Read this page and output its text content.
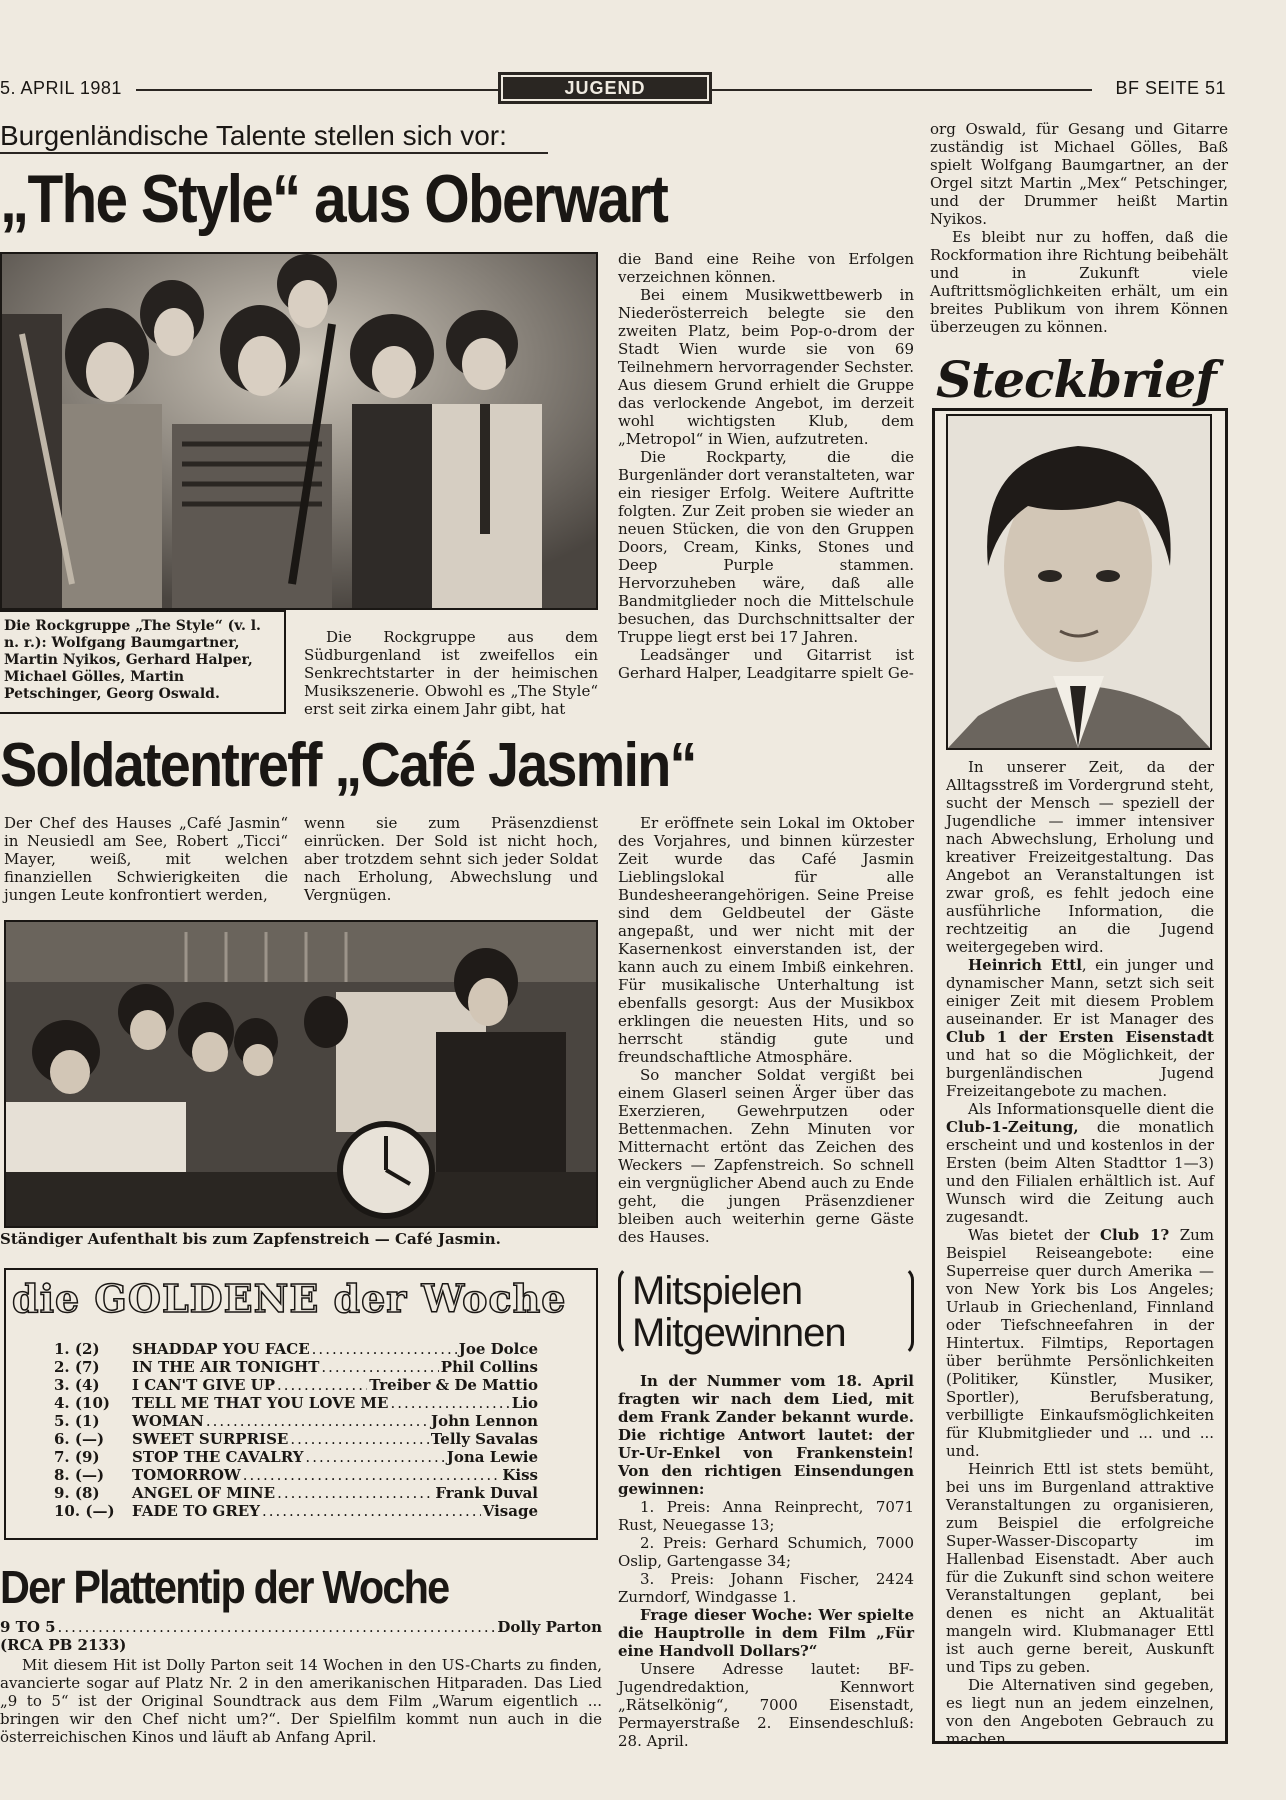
5. APRIL 1981	JUGEND	BF SEITE 51
Burgenländische Talente stellen sich vor:
„The Style“ aus Oberwart
Die Rockgruppe „The Style“ (v. l. n. r.): Wolfgang Baumgartner, Martin Nyikos, Gerhard Halper, Michael Gölles, Martin Petschinger, Georg Oswald.

Die Rockgruppe aus dem Südburgenland ist zweifellos ein Senkrechtstarter in der heimischen Musikszenerie. Obwohl es „The Style“ erst seit zirka einem Jahr gibt, hat

die Band eine Reihe von Erfolgen verzeichnen können.

Bei einem Musikwettbewerb in Niederösterreich belegte sie den zweiten Platz, beim Pop-o-drom der Stadt Wien wurde sie von 69 Teilnehmern hervorragender Sechster. Aus diesem Grund erhielt die Gruppe das verlockende Angebot, im derzeit wohl wichtigsten Klub, dem „Metropol“ in Wien, aufzutreten.

Die Rockparty, die die Burgenländer dort veranstalteten, war ein riesiger Erfolg. Weitere Auftritte folgten. Zur Zeit proben sie wieder an neuen Stücken, die von den Gruppen Doors, Cream, Kinks, Stones und Deep Purple stammen. Hervorzuheben wäre, daß alle Bandmitglieder noch die Mittelschule besuchen, das Durchschnittsalter der Truppe liegt erst bei 17 Jahren.

Leadsänger und Gitarrist ist Gerhard Halper, Leadgitarre spielt Ge-

org Oswald, für Gesang und Gitarre zuständig ist Michael Gölles, Baß spielt Wolfgang Baumgartner, an der Orgel sitzt Martin „Mex“ Petschinger, und der Drummer heißt Martin Nyikos.

Es bleibt nur zu hoffen, daß die Rockformation ihre Richtung beibehält und in Zukunft viele Auftrittsmöglichkeiten erhält, um ein breites Publikum von ihrem Können überzeugen zu können.

Steckbrief

In unserer Zeit, da der Alltagsstreß im Vordergrund steht, sucht der Mensch — speziell der Jugendliche — immer intensiver nach Abwechslung, Erholung und kreativer Freizeitgestaltung. Das Angebot an Veranstaltungen ist zwar groß, es fehlt jedoch eine ausführliche Information, die rechtzeitig an die Jugend weitergegeben wird.

Heinrich Ettl, ein junger und dynamischer Mann, setzt sich seit einiger Zeit mit diesem Problem auseinander. Er ist Manager des Club 1 der Ersten Eisenstadt und hat so die Möglichkeit, der burgenländischen Jugend Freizeitangebote zu machen.

Als Informationsquelle dient die Club-1-Zeitung, die monatlich erscheint und und kostenlos in der Ersten (beim Alten Stadttor 1—3) und den Filialen erhältlich ist. Auf Wunsch wird die Zeitung auch zugesandt.

Was bietet der Club 1? Zum Beispiel Reiseangebote: eine Superreise quer durch Amerika — von New York bis Los Angeles; Urlaub in Griechenland, Finnland oder Tiefschneefahren in der Hintertux. Filmtips, Reportagen über berühmte Persönlichkeiten (Politiker, Künstler, Musiker, Sportler), Berufsberatung, verbilligte Einkaufsmöglichkeiten für Klubmitglieder und ... und ... und.

Heinrich Ettl ist stets bemüht, bei uns im Burgenland attraktive Veranstaltungen zu organisieren, zum Beispiel die erfolgreiche Super-Wasser-Discoparty im Hallenbad Eisenstadt. Aber auch für die Zukunft sind schon weitere Veranstaltungen geplant, bei denen es nicht an Aktualität mangeln wird. Klubmanager Ettl ist auch gerne bereit, Auskunft und Tips zu geben.

Die Alternativen sind gegeben, es liegt nun an jedem einzelnen, von den Angeboten Gebrauch zu machen.

Soldatentreff „Café Jasmin“

Der Chef des Hauses „Café Jasmin“ in Neusiedl am See, Robert „Ticci“ Mayer, weiß, mit welchen finanziellen Schwierigkeiten die jungen Leute konfrontiert werden,

wenn sie zum Präsenzdienst einrücken. Der Sold ist nicht hoch, aber trotzdem sehnt sich jeder Soldat nach Erholung, Abwechslung und Vergnügen.

Er eröffnete sein Lokal im Oktober des Vorjahres, und binnen kürzester Zeit wurde das Café Jasmin Lieblingslokal für alle Bundesheerangehörigen. Seine Preise sind dem Geldbeutel der Gäste angepaßt, und wer nicht mit der Kasernenkost einverstanden ist, der kann auch zu einem Imbiß einkehren. Für musikalische Unterhaltung ist ebenfalls gesorgt: Aus der Musikbox erklingen die neuesten Hits, und so herrscht ständig gute und freundschaftliche Atmosphäre.

So mancher Soldat vergißt bei einem Glaserl seinen Ärger über das Exerzieren, Gewehrputzen oder Bettenmachen. Zehn Minuten vor Mitternacht ertönt das Zeichen des Weckers — Zapfenstreich. So schnell ein vergnüglicher Abend auch zu Ende geht, die jungen Präsenzdiener bleiben auch weiterhin gerne Gäste des Hauses.

Ständiger Aufenthalt bis zum Zapfenstreich — Café Jasmin.
die GOLDENE der Woche
1. (2)	SHADDAP YOU FACE .....	Joe Dolce
2. (7)	IN THE AIR TONIGHT .....	Phil Collins
3. (4)	I CAN'T GIVE UP .....	Treiber & De Mattio
4. (10)	TELL ME THAT YOU LOVE ME .....	Lio
5. (1)	WOMAN .....	John Lennon
6. (—)	SWEET SURPRISE .....	Telly Savalas
7. (9)	STOP THE CAVALRY .....	Jona Lewie
8. (—)	TOMORROW .....	Kiss
9. (8)	ANGEL OF MINE .....	Frank Duval
10. (—)	FADE TO GREY .....	Visage
Der Plattentip der Woche
9 TO 5 .....	Dolly Parton
(RCA PB 2133)

Mit diesem Hit ist Dolly Parton seit 14 Wochen in den US-Charts zu finden, avancierte sogar auf Platz Nr. 2 in den amerikanischen Hitparaden. Das Lied „9 to 5“ ist der Original Soundtrack aus dem Film „Warum eigentlich ... bringen wir den Chef nicht um?“. Der Spielfilm kommt nun auch in die österreichischen Kinos und läuft ab Anfang April.

Mitspielen
Mitgewinnen

In der Nummer vom 18. April fragten wir nach dem Lied, mit dem Frank Zander bekannt wurde. Die richtige Antwort lautet: der Ur-Ur-Enkel von Frankenstein! Von den richtigen Einsendungen gewinnen:

1. Preis: Anna Reinprecht, 7071 Rust, Neuegasse 13;

2. Preis: Gerhard Schumich, 7000 Oslip, Gartengasse 34;

3. Preis: Johann Fischer, 2424 Zurndorf, Windgasse 1.

Frage dieser Woche: Wer spielte die Hauptrolle in dem Film „Für eine Handvoll Dollars?“

Unsere Adresse lautet: BF-Jugendredaktion, Kennwort „Rätselkönig“, 7000 Eisenstadt, Permayerstraße 2. Einsendeschluß: 28. April.
